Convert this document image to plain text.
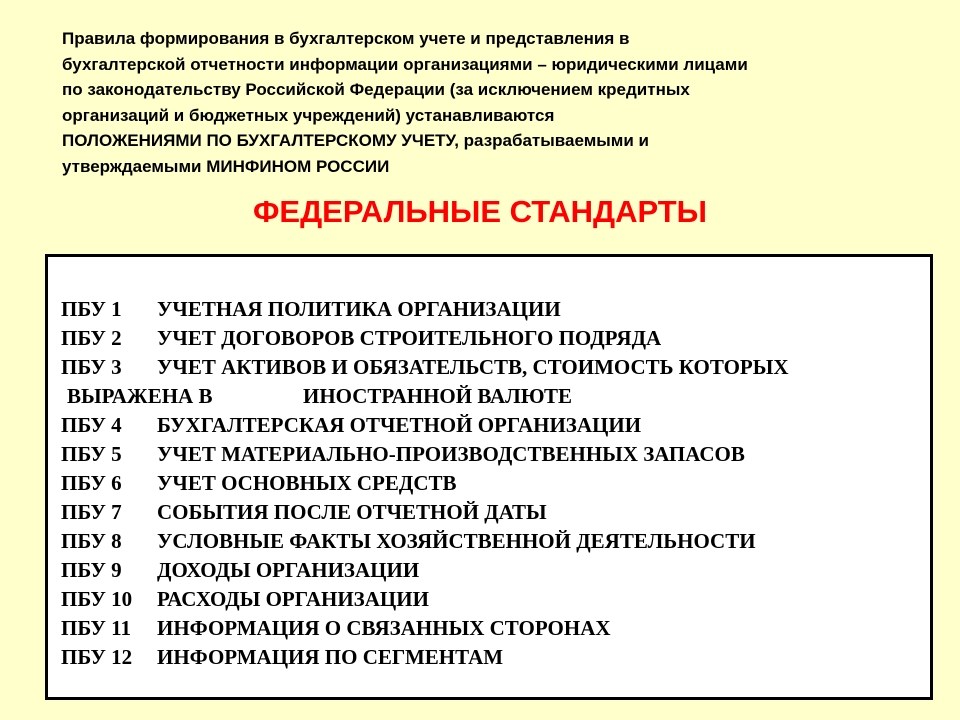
Правила формирования в бухгалтерском учете и представления в
бухгалтерской отчетности информации организациями – юридическими лицами
по законодательству Российской Федерации (за исключением кредитных
организаций и бюджетных учреждений) устанавливаются
ПОЛОЖЕНИЯМИ ПО БУХГАЛТЕРСКОМУ УЧЕТУ, разрабатываемыми и
утверждаемыми МИНФИНОМ РОССИИ
ФЕДЕРАЛЬНЫЕ СТАНДАРТЫ
ПБУ 1 УЧЕТНАЯ ПОЛИТИКА ОРГАНИЗАЦИИ
ПБУ 2 УЧЕТ ДОГОВОРОВ СТРОИТЕЛЬНОГО ПОДРЯДА
ПБУ 3 УЧЕТ АКТИВОВ И ОБЯЗАТЕЛЬСТВ, СТОИМОСТЬ КОТОРЫХ
ВЫРАЖЕНА В	ИНОСТРАННОЙ ВАЛЮТЕ
ПБУ 4 БУХГАЛТЕРСКАЯ ОТЧЕТНОЙ ОРГАНИЗАЦИИ
ПБУ 5 УЧЕТ МАТЕРИАЛЬНО-ПРОИЗВОДСТВЕННЫХ ЗАПАСОВ
ПБУ 6 УЧЕТ ОСНОВНЫХ СРЕДСТВ
ПБУ 7 СОБЫТИЯ ПОСЛЕ ОТЧЕТНОЙ ДАТЫ
ПБУ 8 УСЛОВНЫЕ ФАКТЫ ХОЗЯЙСТВЕННОЙ ДЕЯТЕЛЬНОСТИ
ПБУ 9 ДОХОДЫ ОРГАНИЗАЦИИ
ПБУ 10 РАСХОДЫ ОРГАНИЗАЦИИ
ПБУ 11 ИНФОРМАЦИЯ О СВЯЗАННЫХ СТОРОНАХ
ПБУ 12 ИНФОРМАЦИЯ ПО СЕГМЕНТАМ
